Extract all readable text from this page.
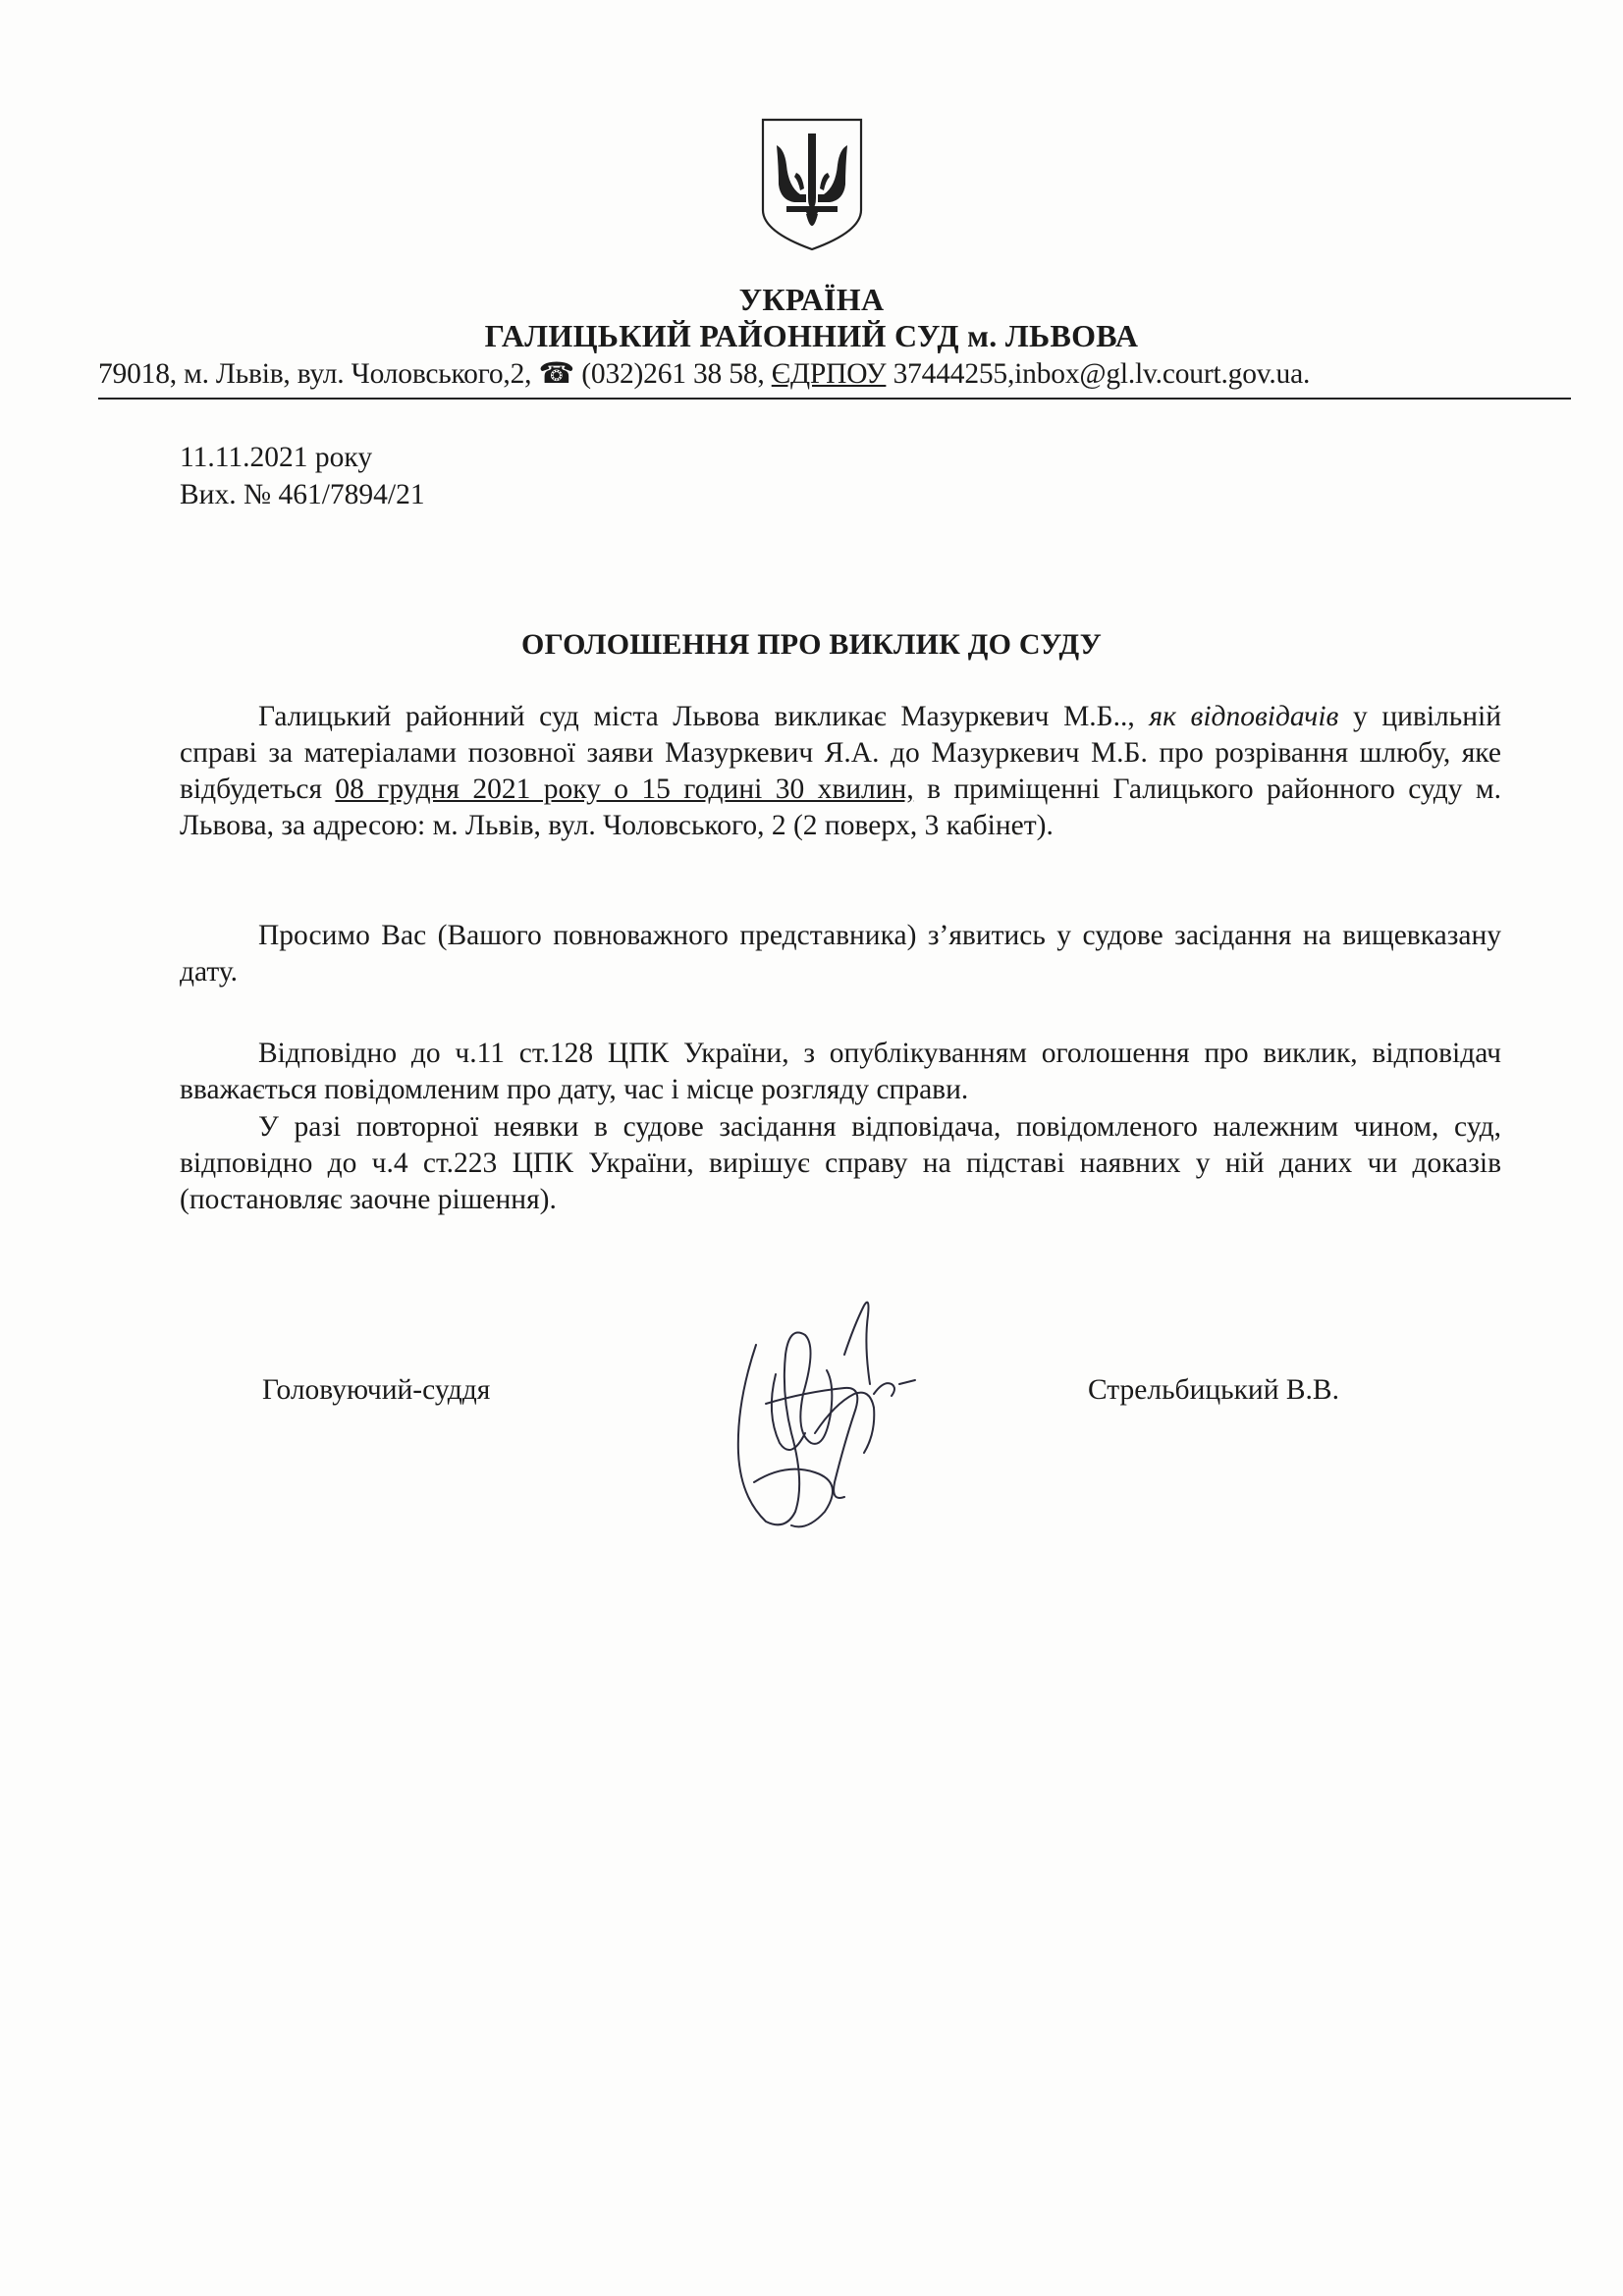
УКРАЇНА
ГАЛИЦЬКИЙ РАЙОННИЙ СУД м. ЛЬВОВА
79018, м. Львів, вул. Чоловського,2, ☎ (032)261 38 58, ЄДРПОУ 37444255,inbox@gl.lv.court.gov.ua.
11.11.2021 року
Вих. № 461/7894/21
ОГОЛОШЕННЯ ПРО ВИКЛИК ДО СУДУ

Галицький районний суд міста Львова викликає Мазуркевич М.Б.., як відповідачів у цивільній справі за матеріалами позовної заяви Мазуркевич Я.А. до Мазуркевич М.Б. про розрівання шлюбу, яке відбудеться 08 грудня 2021 року о 15 годині 30 хвилин, в приміщенні Галицького районного суду м. Львова, за адресою: м. Львів, вул. Чоловського, 2 (2 поверх, 3 кабінет).

Просимо Вас (Вашого повноважного представника) з’явитись у судове засідання на вищевказану дату.

Відповідно до ч.11 ст.128 ЦПК України, з опублікуванням оголошення про виклик, відповідач вважається повідомленим про дату, час і місце розгляду справи.

У разі повторної неявки в судове засідання відповідача, повідомленого належним чином, суд, відповідно до ч.4 ст.223 ЦПК України, вирішує справу на підставі наявних у ній даних чи доказів (постановляє заочне рішення).

Головуючий-суддя	Стрельбицький В.В.
